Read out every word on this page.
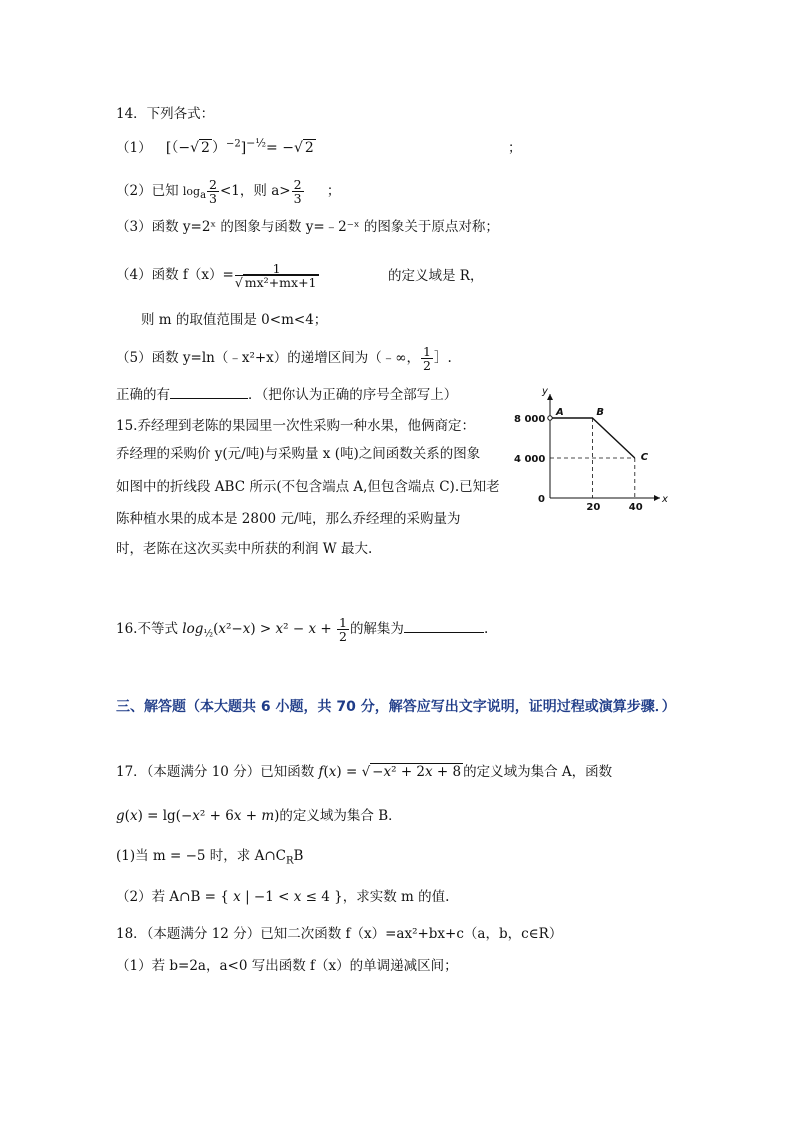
14．下列各式：
（1） [（−√ 2 ）$^{-2}$]$^{-\frac{1}{2}}$= −√ 2	；
（2）已知 $\log_a \frac{2}{3} <1$，则 $a> \frac{2}{3}$ ；
（3）函数 y=2ˣ 的图象与函数 y=﹣2⁻ˣ 的图象关于原点对称；
（4）函数 $f(x)= \frac{1}{\text{√ mx²+mx+1}}$	的定义域是 R，
则 m 的取值范围是 0<m<4；
（5）函数 y=ln（﹣x²+x）的递增区间为（﹣∞， $\frac{1}{2}$ ］.
正确的有	．（把你认为正确的序号全部写上）
15.乔经理到老陈的果园里一次性采购一种水果，他俩商定：
乔经理的采购价 y(元/吨)与采购量 x (吨)之间函数关系的图象
如图中的折线段 ABC 所示(不包含端点 A,但包含端点 C).已知老
陈种植水果的成本是 2800 元/吨，那么乔经理的采购量为
时，老陈在这次买卖中所获的利润 W 最大.
x
y
0
A	B
C
8 000
4 000
20	40
16.不等式 $\log_{\frac{1}{2}}(x^2-x) > x^2 - x + \frac{1}{2}$ 的解集为	.
三、解答题（本大题共 6 小题，共 70 分，解答应写出文字说明，证明过程或演算步骤．）
17．（本题满分 10 分）已知函数 f(x) = √ −x² + 2x + 8 的定义域为集合 A，函数
g(x) = lg(−x² + 6x + m)的定义域为集合 B．
(1)当 m = −5 时，求 $A\cap C_RB$
（2）若 A∩B = { x | −1 < x ≤ 4 }，求实数 m 的值.
18．（本题满分 12 分）已知二次函数 f（x）=ax²+bx+c（a，b，c∈R）
（1）若 b=2a，a<0 写出函数 f（x）的单调递减区间；
